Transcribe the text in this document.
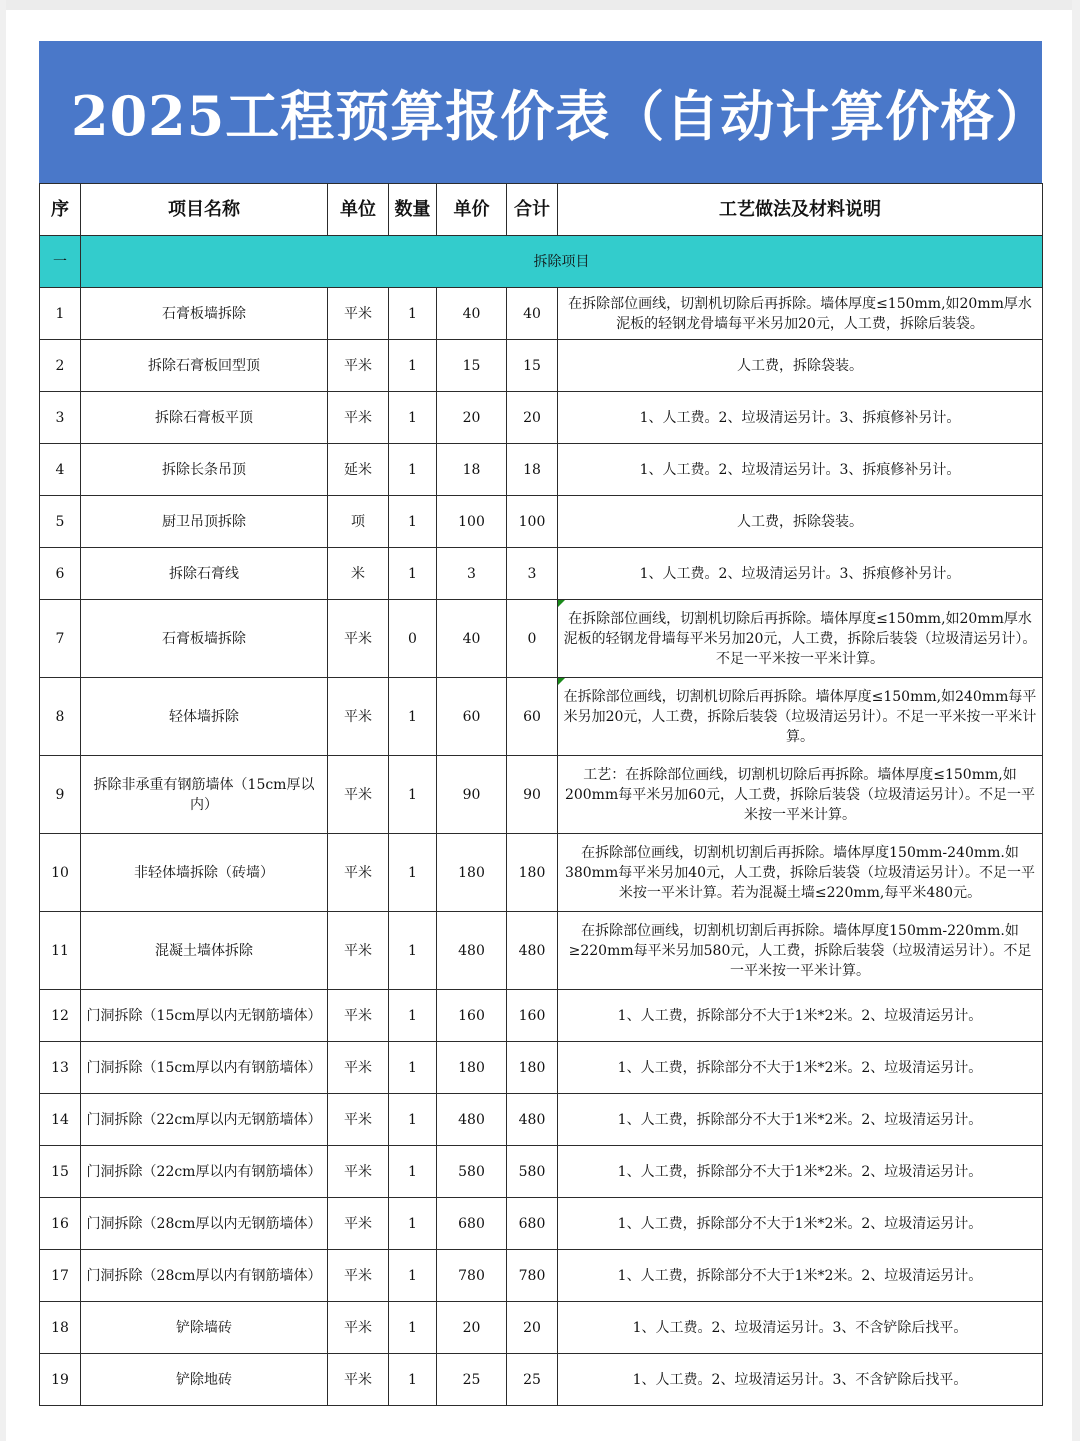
2025工程预算报价表（自动计算价格）
序	项目名称	单位	数量	单价	合计	工艺做法及材料说明
一	拆除项目					
1	石膏板墙拆除	平米	1	40	40	在拆除部位画线，切割机切除后再拆除。墙体厚度≤150mm,如20mm厚水泥板的轻钢龙骨墙每平米另加20元，人工费，拆除后装袋。
2	拆除石膏板回型顶	平米	1	15	15	人工费，拆除袋装。
3	拆除石膏板平顶	平米	1	20	20	1、人工费。2、垃圾清运另计。3、拆痕修补另计。
4	拆除长条吊顶	延米	1	18	18	1、人工费。2、垃圾清运另计。3、拆痕修补另计。
5	厨卫吊顶拆除	项	1	100	100	人工费，拆除袋装。
6	拆除石膏线	米	1	3	3	1、人工费。2、垃圾清运另计。3、拆痕修补另计。
7	石膏板墙拆除	平米	0	40	0	在拆除部位画线，切割机切除后再拆除。墙体厚度≤150mm,如20mm厚水泥板的轻钢龙骨墙每平米另加20元，人工费，拆除后装袋（垃圾清运另计）。不足一平米按一平米计算。
8	轻体墙拆除	平米	1	60	60	在拆除部位画线，切割机切除后再拆除。墙体厚度≤150mm,如240mm每平米另加20元，人工费，拆除后装袋（垃圾清运另计）。不足一平米按一平米计算。
9	拆除非承重有钢筋墙体（15cm厚以内）	平米	1	90	90	工艺：在拆除部位画线，切割机切除后再拆除。墙体厚度≤150mm,如200mm每平米另加60元，人工费，拆除后装袋（垃圾清运另计）。不足一平米按一平米计算。
10	非轻体墙拆除（砖墙）	平米	1	180	180	在拆除部位画线，切割机切割后再拆除。墙体厚度150mm-240mm.如380mm每平米另加40元，人工费，拆除后装袋（垃圾清运另计）。不足一平米按一平米计算。若为混凝土墙≤220mm,每平米480元。
11	混凝土墙体拆除	平米	1	480	480	在拆除部位画线，切割机切割后再拆除。墙体厚度150mm-220mm.如≥220mm每平米另加580元，人工费，拆除后装袋（垃圾清运另计）。不足一平米按一平米计算。
12	门洞拆除（15cm厚以内无钢筋墙体）	平米	1	160	160	1、人工费，拆除部分不大于1米*2米。2、垃圾清运另计。
13	门洞拆除（15cm厚以内有钢筋墙体）	平米	1	180	180	1、人工费，拆除部分不大于1米*2米。2、垃圾清运另计。
14	门洞拆除（22cm厚以内无钢筋墙体）	平米	1	480	480	1、人工费，拆除部分不大于1米*2米。2、垃圾清运另计。
15	门洞拆除（22cm厚以内有钢筋墙体）	平米	1	580	580	1、人工费，拆除部分不大于1米*2米。2、垃圾清运另计。
16	门洞拆除（28cm厚以内无钢筋墙体）	平米	1	680	680	1、人工费，拆除部分不大于1米*2米。2、垃圾清运另计。
17	门洞拆除（28cm厚以内有钢筋墙体）	平米	1	780	780	1、人工费，拆除部分不大于1米*2米。2、垃圾清运另计。
18	铲除墙砖	平米	1	20	20	1、人工费。2、垃圾清运另计。3、不含铲除后找平。
19	铲除地砖	平米	1	25	25	1、人工费。2、垃圾清运另计。3、不含铲除后找平。
